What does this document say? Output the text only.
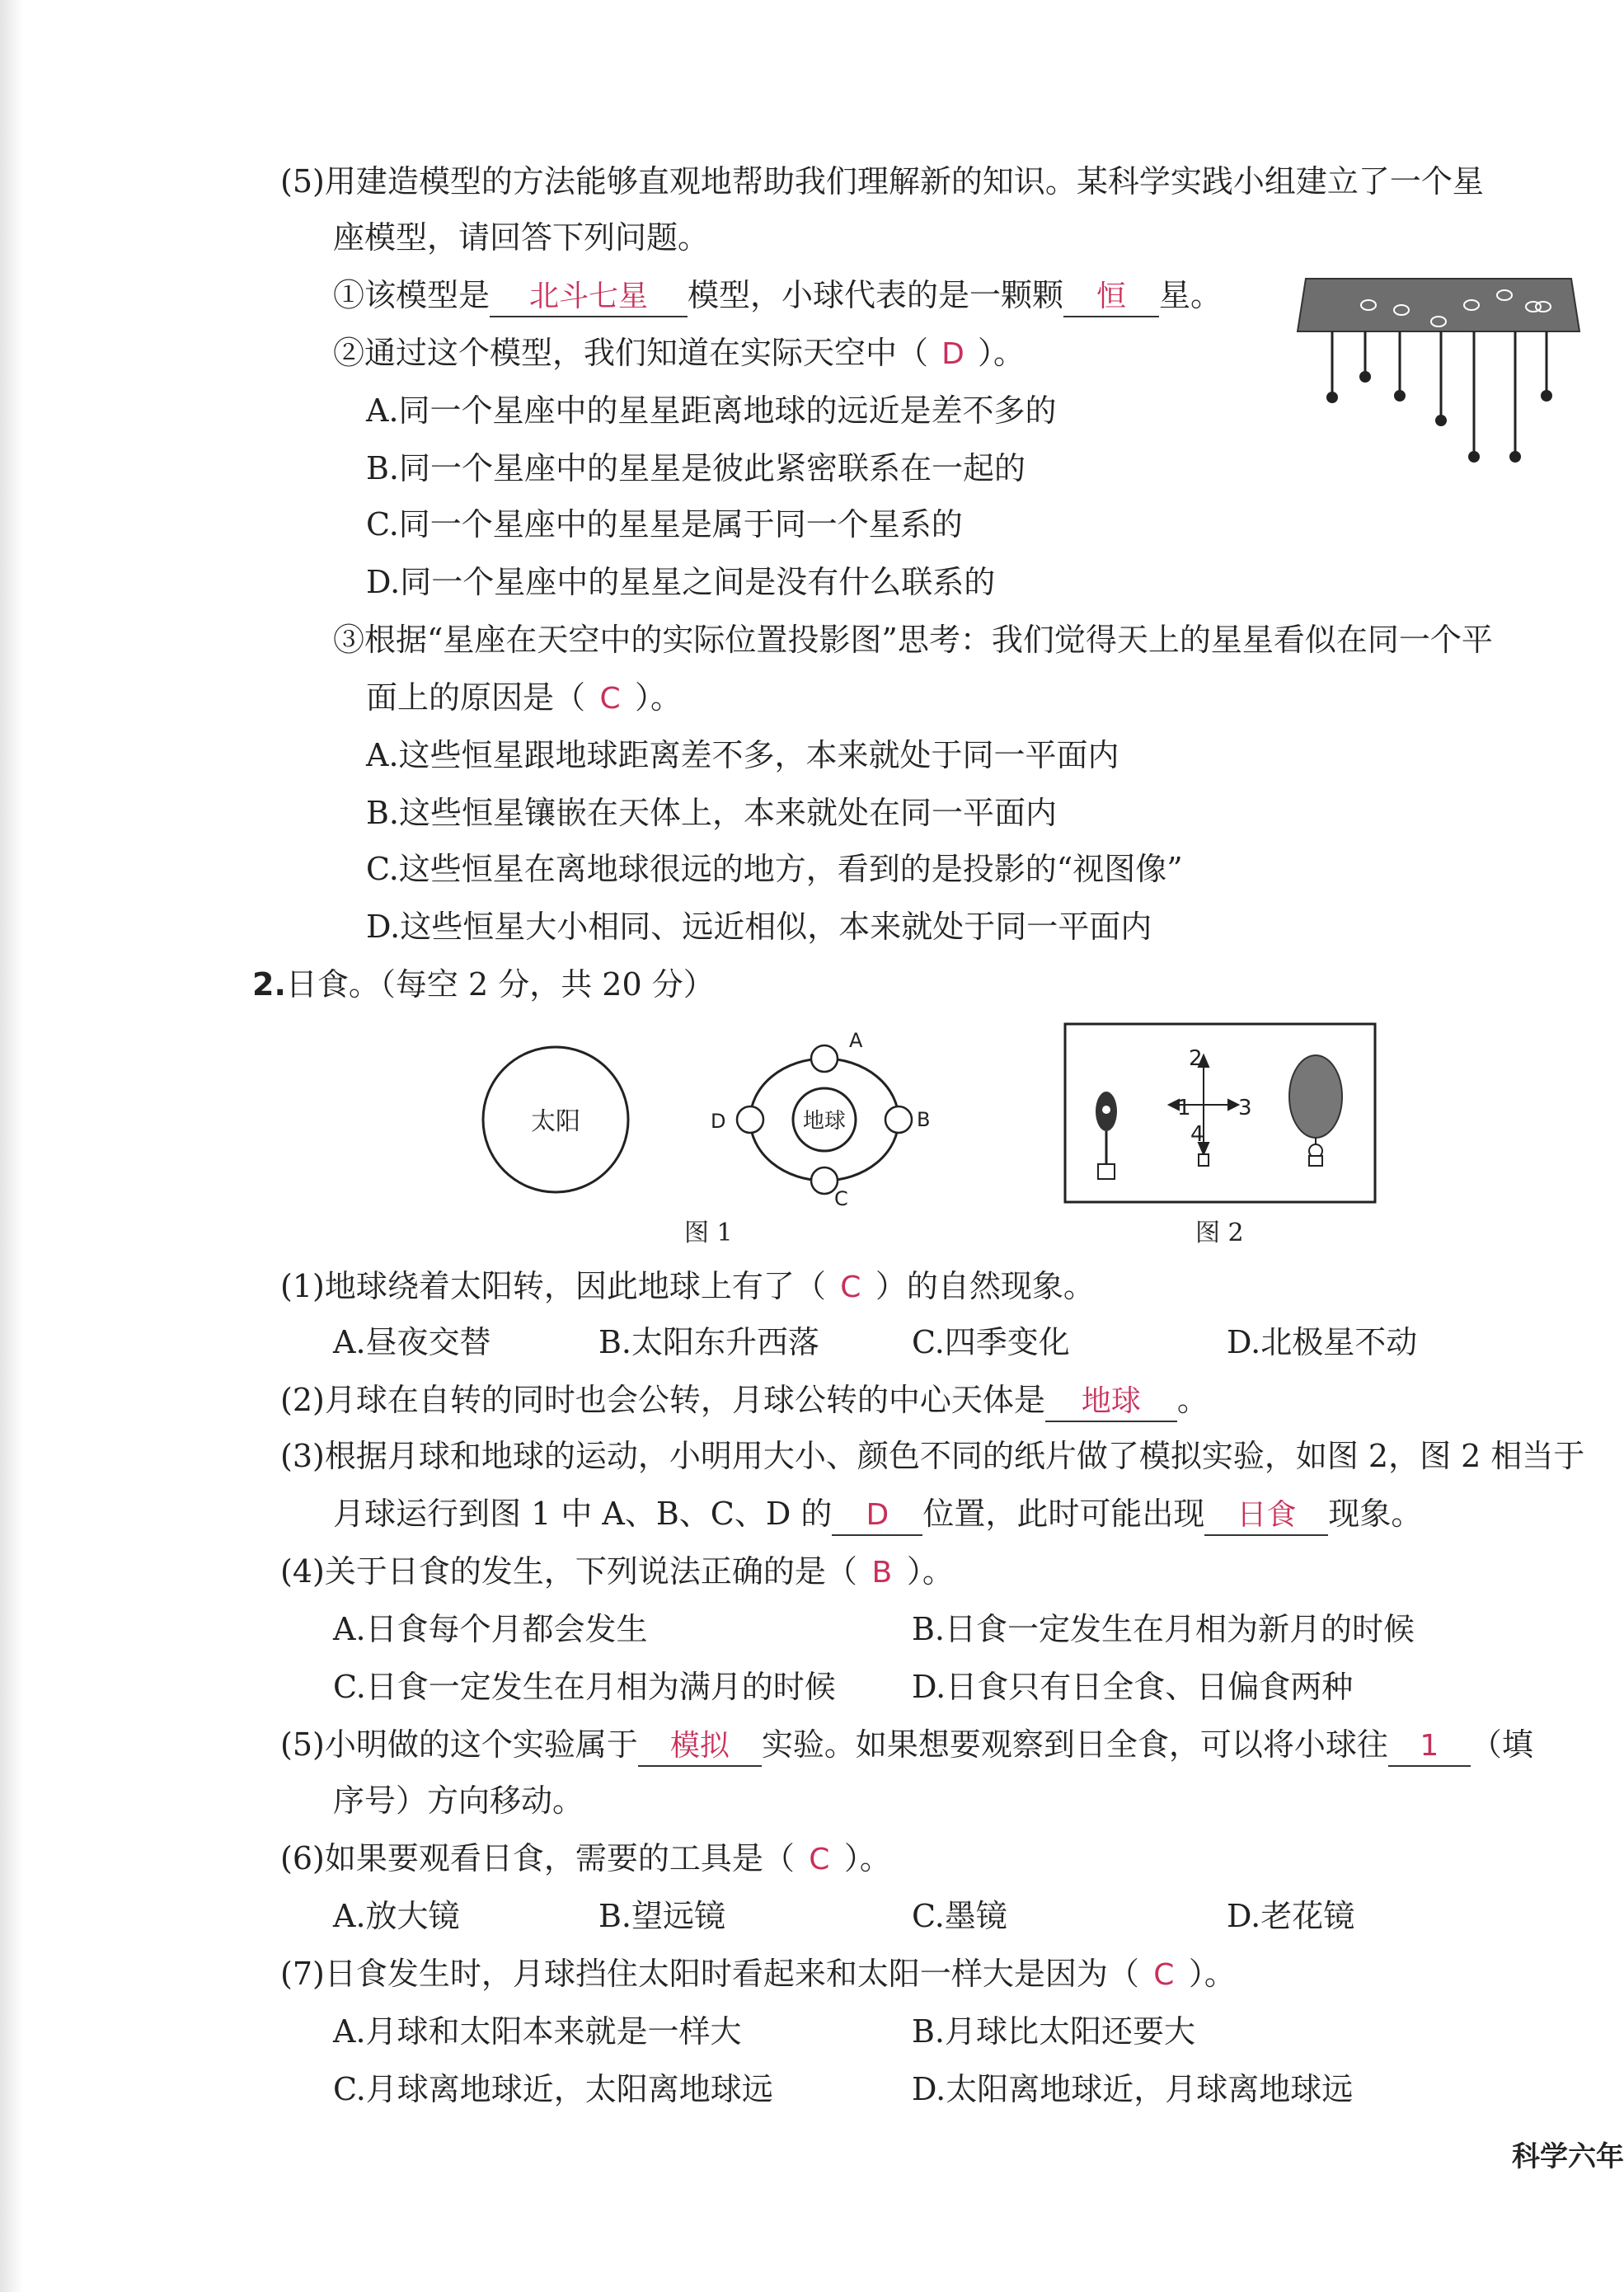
(5)用建造模型的方法能够直观地帮助我们理解新的知识。某科学实践小组建立了一个星
座模型，请回答下列问题。
①该模型是 北斗七星 模型，小球代表的是一颗颗 恒 星。
②通过这个模型，我们知道在实际天空中（ D ）。
A.同一个星座中的星星距离地球的远近是差不多的
B.同一个星座中的星星是彼此紧密联系在一起的
C.同一个星座中的星星是属于同一个星系的
D.同一个星座中的星星之间是没有什么联系的
③根据“星座在天空中的实际位置投影图”思考：我们觉得天上的星星看似在同一个平
面上的原因是（ C ）。
A.这些恒星跟地球距离差不多，本来就处于同一平面内
B.这些恒星镶嵌在天体上，本来就处在同一平面内
C.这些恒星在离地球很远的地方，看到的是投影的“视图像”
D.这些恒星大小相同、远近相似，本来就处于同一平面内
2.日食。（每空 2 分，共 20 分）
太阳	地球
A
B
C
D
图 1
1
2
3
4
图 2
(1)地球绕着太阳转，因此地球上有了（ C ）的自然现象。
A.昼夜交替	B.太阳东升西落	C.四季变化	D.北极星不动
(2)月球在自转的同时也会公转，月球公转的中心天体是 地球 。
(3)根据月球和地球的运动，小明用大小、颜色不同的纸片做了模拟实验，如图 2，图 2 相当于
月球运行到图 1 中 A、B、C、D 的 D 位置，此时可能出现 日食 现象。
(4)关于日食的发生，下列说法正确的是（ B ）。
A.日食每个月都会发生	B.日食一定发生在月相为新月的时候
C.日食一定发生在月相为满月的时候 D.日食只有日全食、日偏食两种
(5)小明做的这个实验属于 模拟 实验。如果想要观察到日全食，可以将小球往 1 （填
序号）方向移动。
(6)如果要观看日食，需要的工具是（ C ）。
A.放大镜	B.望远镜	C.墨镜	D.老花镜
(7)日食发生时，月球挡住太阳时看起来和太阳一样大是因为（ C ）。
A.月球和太阳本来就是一样大	B.月球比太阳还要大
C.月球离地球近，太阳离地球远	D.太阳离地球近，月球离地球远
科学六年
